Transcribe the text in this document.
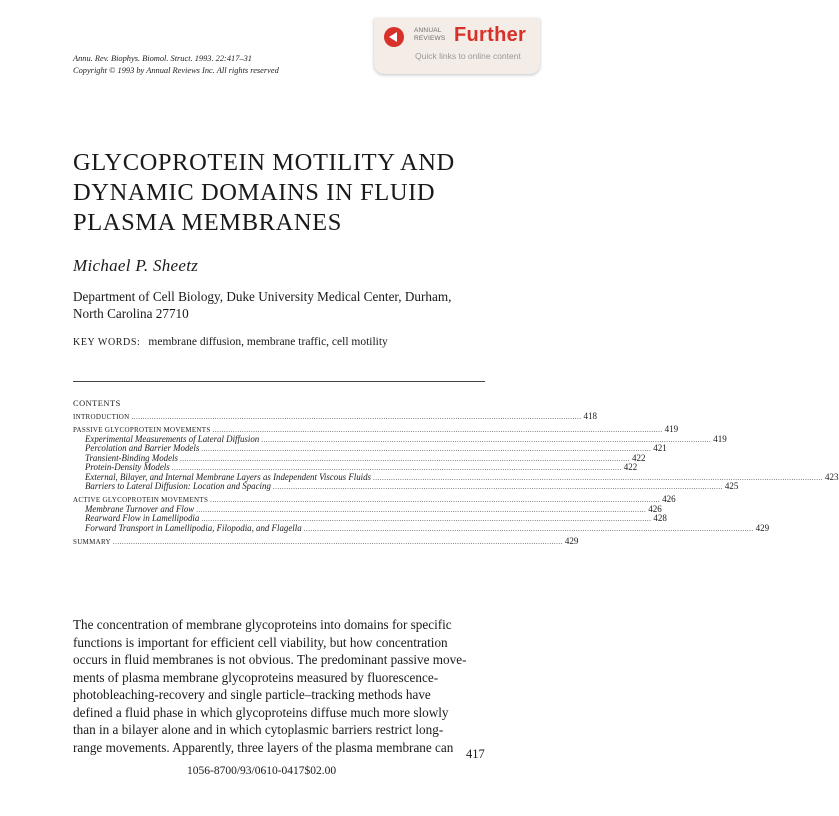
Annu. Rev. Biophys. Biomol. Struct. 1993. 22:417–31
Copyright © 1993 by Annual Reviews Inc. All rights reserved
ANNUAL
REVIEWS Further
Quick links to online content
GLYCOPROTEIN MOTILITY AND
DYNAMIC DOMAINS IN FLUID
PLASMA MEMBRANES
Michael P. Sheetz
Department of Cell Biology, Duke University Medical Center, Durham,
North Carolina 27710
KEY WORDS: membrane diffusion, membrane traffic, cell motility
CONTENTS
INTRODUCTION ........................................................................................................................................................................................................ 418
PASSIVE GLYCOPROTEIN MOVEMENTS ........................................................................................................................................................................................................ 419
Experimental Measurements of Lateral Diffusion ........................................................................................................................................................................................................ 419
Percolation and Barrier Models ........................................................................................................................................................................................................ 421
Transient-Binding Models ........................................................................................................................................................................................................ 422
Protein-Density Models ........................................................................................................................................................................................................ 422
External, Bilayer, and Internal Membrane Layers as Independent Viscous Fluids ........................................................................................................................................................................................................ 423
Barriers to Lateral Diffusion: Location and Spacing ........................................................................................................................................................................................................ 425
ACTIVE GLYCOPROTEIN MOVEMENTS ........................................................................................................................................................................................................ 426
Membrane Turnover and Flow ........................................................................................................................................................................................................ 426
Rearward Flow in Lamellipodia ........................................................................................................................................................................................................ 428
Forward Transport in Lamellipodia, Filopodia, and Flagella ........................................................................................................................................................................................................ 429
SUMMARY ........................................................................................................................................................................................................ 429
The concentration of membrane glycoproteins into domains for specific
functions is important for efficient cell viability, but how concentration
occurs in fluid membranes is not obvious. The predominant passive move-
ments of plasma membrane glycoproteins measured by fluorescence-
photobleaching-recovery and single particle–tracking methods have
defined a fluid phase in which glycoproteins diffuse much more slowly
than in a bilayer alone and in which cytoplasmic barriers restrict long-
range movements. Apparently, three layers of the plasma membrane can	417
1056-8700/93/0610-0417$02.00
